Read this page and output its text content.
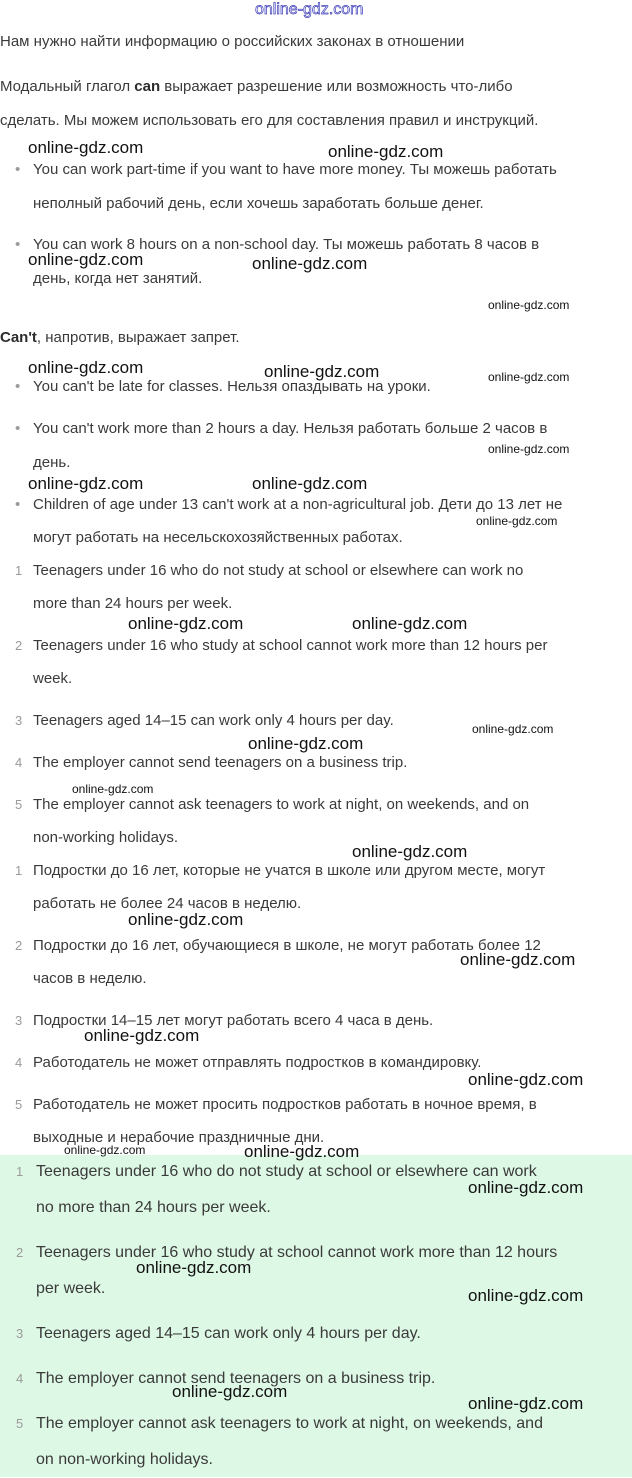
online-gdz.com

Нам нужно найти информацию о российских законах в отношении

Модальный глагол can выражает разрешение или возможность что-либо

сделать. Мы можем использовать его для составления правил и инструкций.

• You can work part-time if you want to have more money. Ты можешь работать
неполный рабочий день, если хочешь заработать больше денег.
• You can work 8 hours on a non-school day. Ты можешь работать 8 часов в
день, когда нет занятий.

Can't, напротив, выражает запрет.

• You can't be late for classes. Нельзя опаздывать на уроки.
• You can't work more than 2 hours a day. Нельзя работать больше 2 часов в
день.
• Children of age under 13 can't work at a non-agricultural job. Дети до 13 лет не
могут работать на несельскохозяйственных работах.
1 Teenagers under 16 who do not study at school or elsewhere can work no
more than 24 hours per week.
2 Teenagers under 16 who study at school cannot work more than 12 hours per
week.
3 Teenagers aged 14–15 can work only 4 hours per day.
4 The employer cannot send teenagers on a business trip.
5 The employer cannot ask teenagers to work at night, on weekends, and on
non-working holidays.
1 Подростки до 16 лет, которые не учатся в школе или другом месте, могут
работать не более 24 часов в неделю.
2 Подростки до 16 лет, обучающиеся в школе, не могут работать более 12
часов в неделю.
3 Подростки 14–15 лет могут работать всего 4 часа в день.
4 Работодатель не может отправлять подростков в командировку.
5 Работодатель не может просить подростков работать в ночное время, в
выходные и нерабочие праздничные дни.
1 Teenagers under 16 who do not study at school or elsewhere can work
no more than 24 hours per week.
2 Teenagers under 16 who study at school cannot work more than 12 hours
per week.
3 Teenagers aged 14–15 can work only 4 hours per day.
4 The employer cannot send teenagers on a business trip.
5 The employer cannot ask teenagers to work at night, on weekends, and
on non-working holidays.
online-gdz.com	online-gdz.com
online-gdz.com	online-gdz.com
online-gdz.com
online-gdz.com	online-gdz.com	online-gdz.com
online-gdz.com
online-gdz.com	online-gdz.com
online-gdz.com
online-gdz.com	online-gdz.com
online-gdz.com
online-gdz.com
online-gdz.com
online-gdz.com
online-gdz.com
online-gdz.com
online-gdz.com
online-gdz.com
online-gdz.com	online-gdz.com
online-gdz.com
online-gdz.com
online-gdz.com
online-gdz.com
online-gdz.com
